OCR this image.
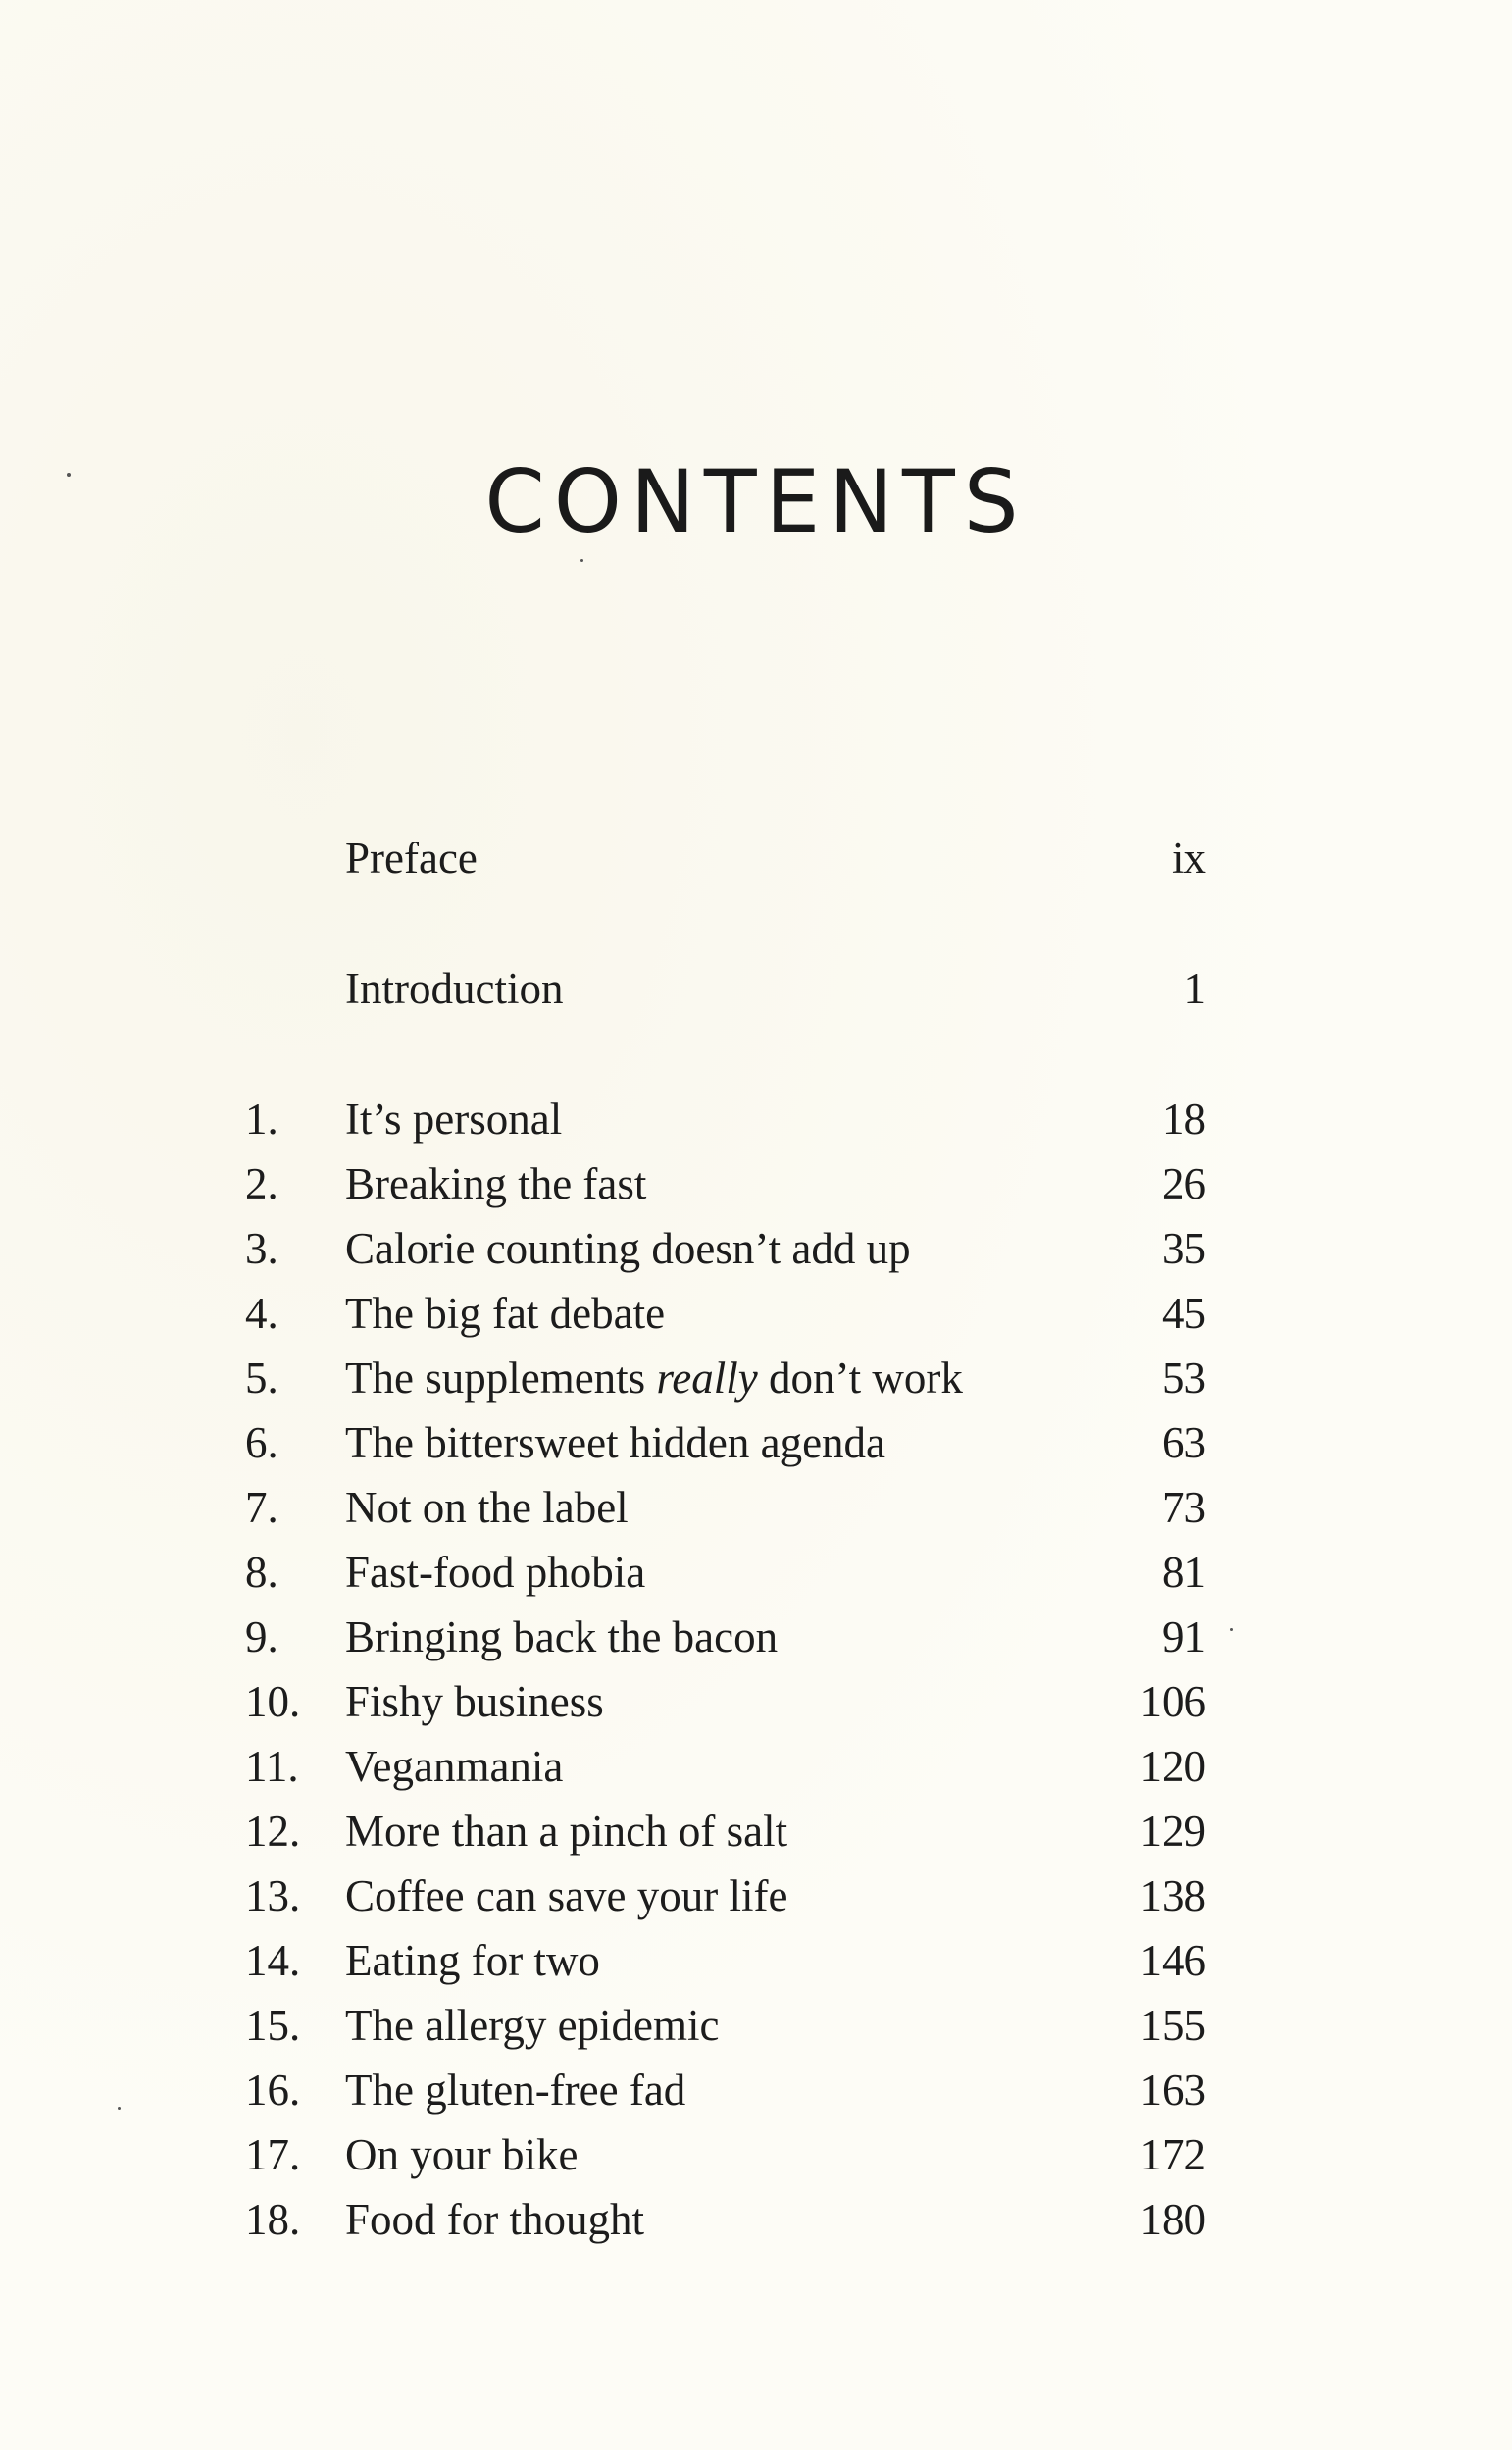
CONTENTS
Preface	ix
Introduction	1
1. It’s personal	18
2. Breaking the fast	26
3. Calorie counting doesn’t add up	35
4. The big fat debate	45
5. The supplements really don’t work	53
6. The bittersweet hidden agenda	63
7. Not on the label	73
8. Fast-food phobia	81
9. Bringing back the bacon	91
10. Fishy business	106
11. Veganmania	120
12. More than a pinch of salt	129
13. Coffee can save your life	138
14. Eating for two	146
15. The allergy epidemic	155
16. The gluten-free fad	163
17. On your bike	172
18. Food for thought	180
